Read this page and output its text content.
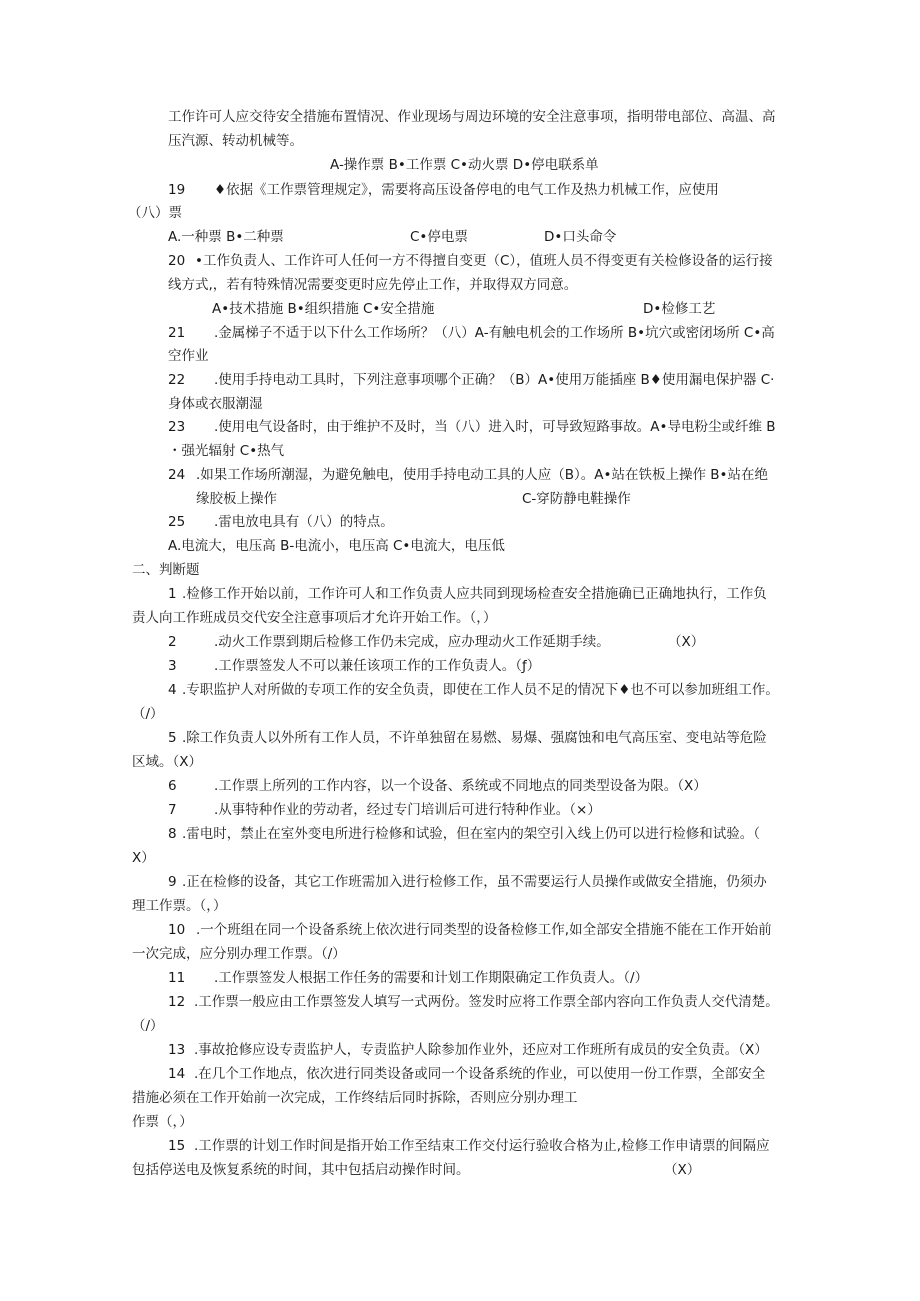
工作许可人应交待安全措施布置情况、作业现场与周边环境的安全注意事项，指明带电部位、高温、高
压汽源、转动机械等。
A-操作票 B•工作票 C•动火票 D•停电联系单
19 ♦依据《工作票管理规定》，需要将高压设备停电的电气工作及热力机械工作，应使用
（八）票
A.一种票 B•二种票	C•停电票	D•口头命令
20 •工作负责人、工作许可人任何一方不得擅自变更（C），值班人员不得变更有关检修设备的运行接
线方式,，若有特殊情况需要变更时应先停止工作，并取得双方同意。
A•技术措施 B•组织措施 C•安全措施	D•检修工艺
21 .金属梯子不适于以下什么工作场所？（八）A-有触电机会的工作场所 B•坑穴或密闭场所 C•高
空作业
22 .使用手持电动工具时，下列注意事项哪个正确？（B）A•使用万能插座 B♦使用漏电保护器 C·
身体或衣服潮湿
23 .使用电气设备时，由于维护不及时，当（八）进入时，可导致短路事故。A•导电粉尘或纤维 B
・强光辐射 C•热气
24 .如果工作场所潮湿，为避免触电，使用手持电动工具的人应（B）。A•站在铁板上操作 B•站在绝
缘胶板上操作	C-穿防静电鞋操作
25 .雷电放电具有（八）的特点。
A.电流大，电压高 B-电流小，电压高 C•电流大，电压低
二、判断题
1 .检修工作开始以前，工作许可人和工作负责人应共同到现场检查安全措施确已正确地执行，工作负
责人向工作班成员交代安全注意事项后才允许开始工作。（，）
2	.动火工作票到期后检修工作仍未完成，应办理动火工作延期手续。	（X）
3	.工作票签发人不可以兼任该项工作的工作负责人。（ƒ）
4 .专职监护人对所做的专项工作的安全负责，即使在工作人员不足的情况下♦也不可以参加班组工作。
（/）
5 .除工作负责人以外所有工作人员，不许单独留在易燃、易爆、强腐蚀和电气高压室、变电站等危险
区域。（X）
6	.工作票上所列的工作内容，以一个设备、系统或不同地点的同类型设备为限。（X）
7	.从事特种作业的劳动者，经过专门培训后可进行特种作业。（×）
8 .雷电时，禁止在室外变电所进行检修和试验，但在室内的架空引入线上仍可以进行检修和试验。（
X）
9 .正在检修的设备，其它工作班需加入进行检修工作，虽不需要运行人员操作或做安全措施，仍须办
理工作票。（，）
10 .一个班组在同一个设备系统上依次进行同类型的设备检修工作,如全部安全措施不能在工作开始前
一次完成，应分别办理工作票。（/）
11 .工作票签发人根据工作任务的需要和计划工作期限确定工作负责人。（/）
12 .工作票一般应由工作票签发人填写一式两份。签发时应将工作票全部内容向工作负责人交代清楚。
（/）
13 .事故抢修应设专责监护人，专责监护人除参加作业外，还应对工作班所有成员的安全负责。（X）
14 .在几个工作地点，依次进行同类设备或同一个设备系统的作业，可以使用一份工作票，全部安全
措施必须在工作开始前一次完成，工作终结后同时拆除，否则应分别办理工
作票（，）
15 .工作票的计划工作时间是指开始工作至结束工作交付运行验收合格为止,检修工作申请票的间隔应
包括停送电及恢复系统的时间，其中包括启动操作时间。	（X）
